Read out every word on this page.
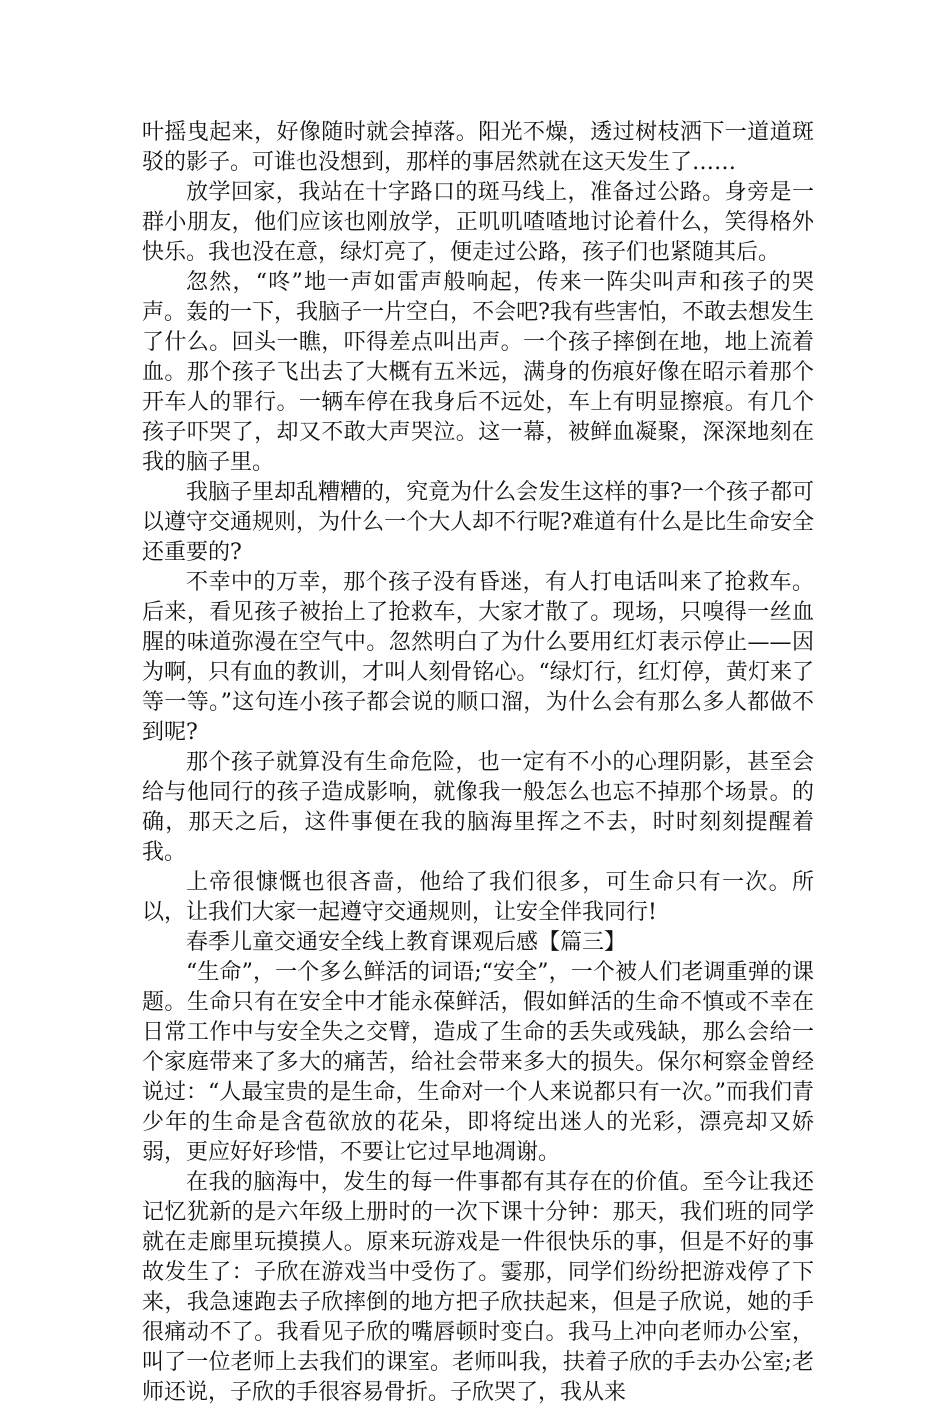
叶摇曳起来，好像随时就会掉落。阳光不燥，透过树枝洒下一道道斑驳的影子。可谁也没想到，那样的事居然就在这天发生了……

放学回家，我站在十字路口的斑马线上，准备过公路。身旁是一群小朋友，他们应该也刚放学，正叽叽喳喳地讨论着什么，笑得格外快乐。我也没在意，绿灯亮了，便走过公路，孩子们也紧随其后。

忽然，“咚”地一声如雷声般响起，传来一阵尖叫声和孩子的哭声。轰的一下，我脑子一片空白，不会吧?我有些害怕，不敢去想发生了什么。回头一瞧，吓得差点叫出声。一个孩子摔倒在地，地上流着血。那个孩子飞出去了大概有五米远，满身的伤痕好像在昭示着那个开车人的罪行。一辆车停在我身后不远处，车上有明显擦痕。有几个孩子吓哭了，却又不敢大声哭泣。这一幕，被鲜血凝聚，深深地刻在我的脑子里。

我脑子里却乱糟糟的，究竟为什么会发生这样的事?一个孩子都可以遵守交通规则，为什么一个大人却不行呢?难道有什么是比生命安全还重要的?

不幸中的万幸，那个孩子没有昏迷，有人打电话叫来了抢救车。后来，看见孩子被抬上了抢救车，大家才散了。现场，只嗅得一丝血腥的味道弥漫在空气中。忽然明白了为什么要用红灯表示停止——因为啊，只有血的教训，才叫人刻骨铭心。“绿灯行，红灯停，黄灯来了等一等。”这句连小孩子都会说的顺口溜，为什么会有那么多人都做不到呢?

那个孩子就算没有生命危险，也一定有不小的心理阴影，甚至会给与他同行的孩子造成影响，就像我一般怎么也忘不掉那个场景。的确，那天之后，这件事便在我的脑海里挥之不去，时时刻刻提醒着我。

上帝很慷慨也很吝啬，他给了我们很多，可生命只有一次。所以，让我们大家一起遵守交通规则，让安全伴我同行!

春季儿童交通安全线上教育课观后感【篇三】

“生命”，一个多么鲜活的词语;“安全”，一个被人们老调重弹的课题。生命只有在安全中才能永葆鲜活，假如鲜活的生命不慎或不幸在日常工作中与安全失之交臂，造成了生命的丢失或残缺，那么会给一个家庭带来了多大的痛苦，给社会带来多大的损失。保尔柯察金曾经说过：“人最宝贵的是生命，生命对一个人来说都只有一次。”而我们青少年的生命是含苞欲放的花朵，即将绽出迷人的光彩，漂亮却又娇弱，更应好好珍惜，不要让它过早地凋谢。

在我的脑海中，发生的每一件事都有其存在的价值。至今让我还记忆犹新的是六年级上册时的一次下课十分钟：那天，我们班的同学就在走廊里玩摸摸人。原来玩游戏是一件很快乐的事，但是不好的事故发生了：子欣在游戏当中受伤了。霎那，同学们纷纷把游戏停了下来，我急速跑去子欣摔倒的地方把子欣扶起来，但是子欣说，她的手很痛动不了。我看见子欣的嘴唇顿时变白。我马上冲向老师办公室，叫了一位老师上去我们的课室。老师叫我，扶着子欣的手去办公室;老师还说，子欣的手很容易骨折。子欣哭了，我从来
